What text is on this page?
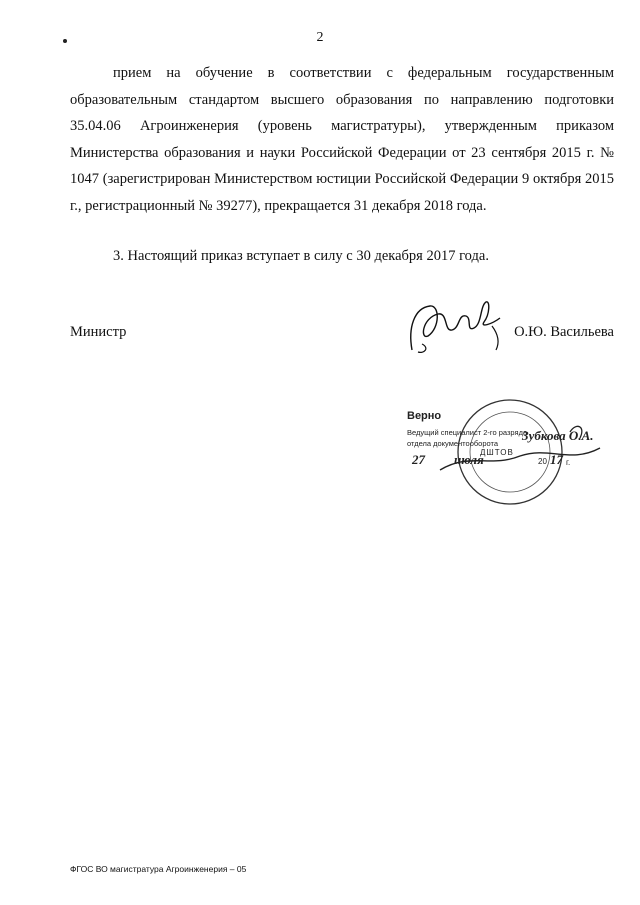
2

прием на обучение в соответствии с федеральным государственным образовательным стандартом высшего образования по направлению подготовки 35.04.06 Агроинженерия (уровень магистратуры), утвержденным приказом Министерства образования и науки Российской Федерации от 23 сентября 2015 г. № 1047 (зарегистрирован Министерством юстиции Российской Федерации 9 октября 2015 г., регистрационный № 39277), прекращается 31 декабря 2018 года.

3. Настоящий приказ вступает в силу с 30 декабря 2017 года.
Министр	О.Ю. Васильева
Верно
Ведущий специалист 2-го разряда
отдела документооборота
ДШТОВ
27 июля	20 17 г.
Зубкова О.А.
ФГОС ВО магистратура Агроинженерия – 05
